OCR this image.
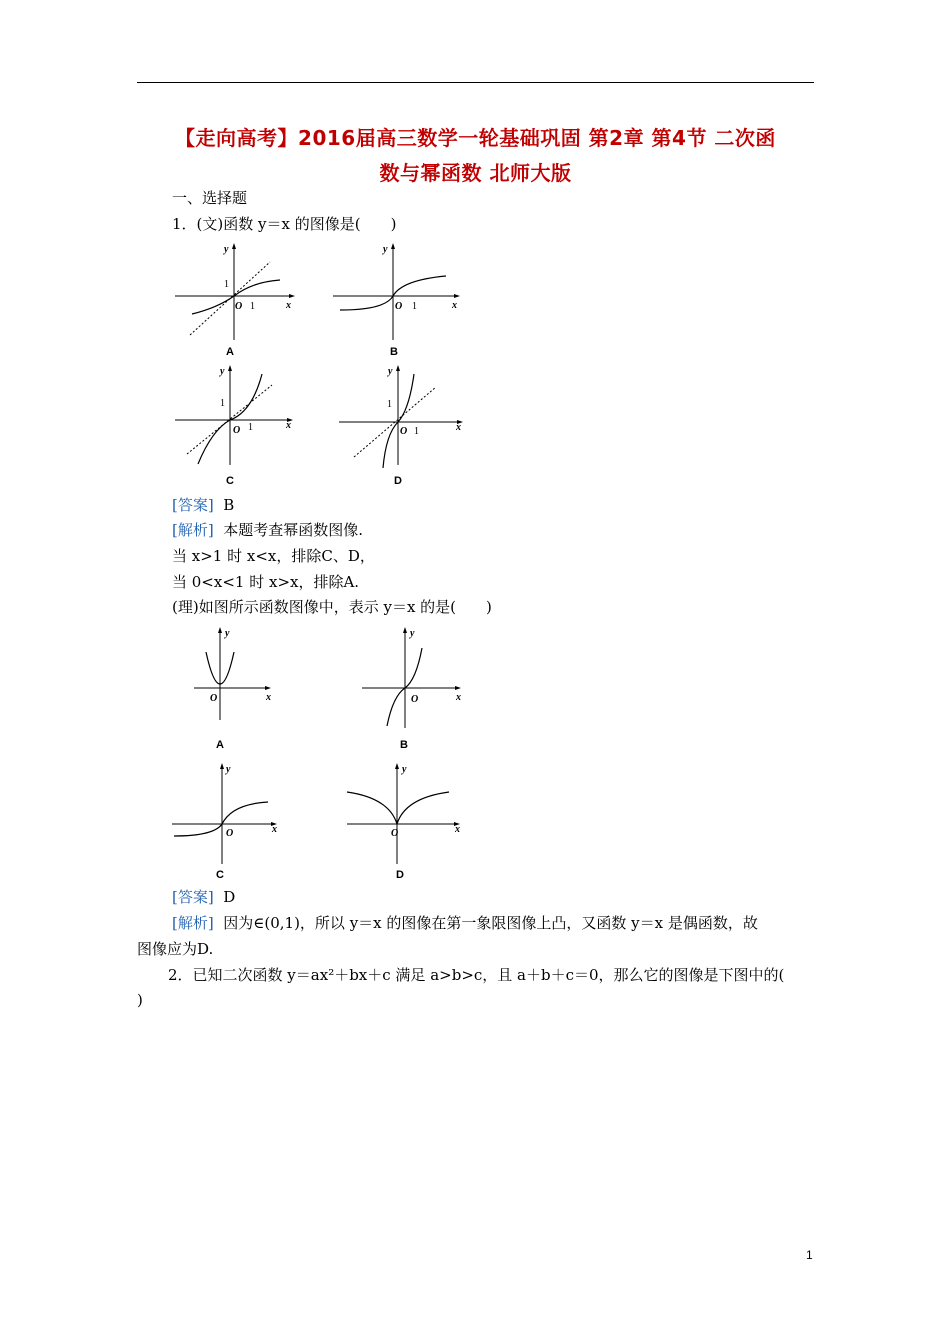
【走向高考】2016届高三数学一轮基础巩固 第2章 第4节 二次函
数与幂函数 北师大版
一、选择题
1．(文)函数 y＝x 的图像是(　　)
y
x
1
O 1
A
y
x
O 1
B
y
x
1
O 1
C
y
x
1
O 1
D
[答案] B
[解析] 本题考查幂函数图像.
当 x>1 时 x<x，排除C、D，
当 0<x<1 时 x>x，排除A.
(理)如图所示函数图像中，表示 y＝x 的是(　　)
y
x
O
A
y
x
O
B
y
x
O
C
y
x
O
D
[答案] D
[解析] 因为∈(0,1)，所以 y＝x 的图像在第一象限图像上凸，又函数 y＝x 是偶函数，故
图像应为D.
2．已知二次函数 y＝ax²＋bx＋c 满足 a>b>c，且 a＋b＋c＝0，那么它的图像是下图中的(
)
1
